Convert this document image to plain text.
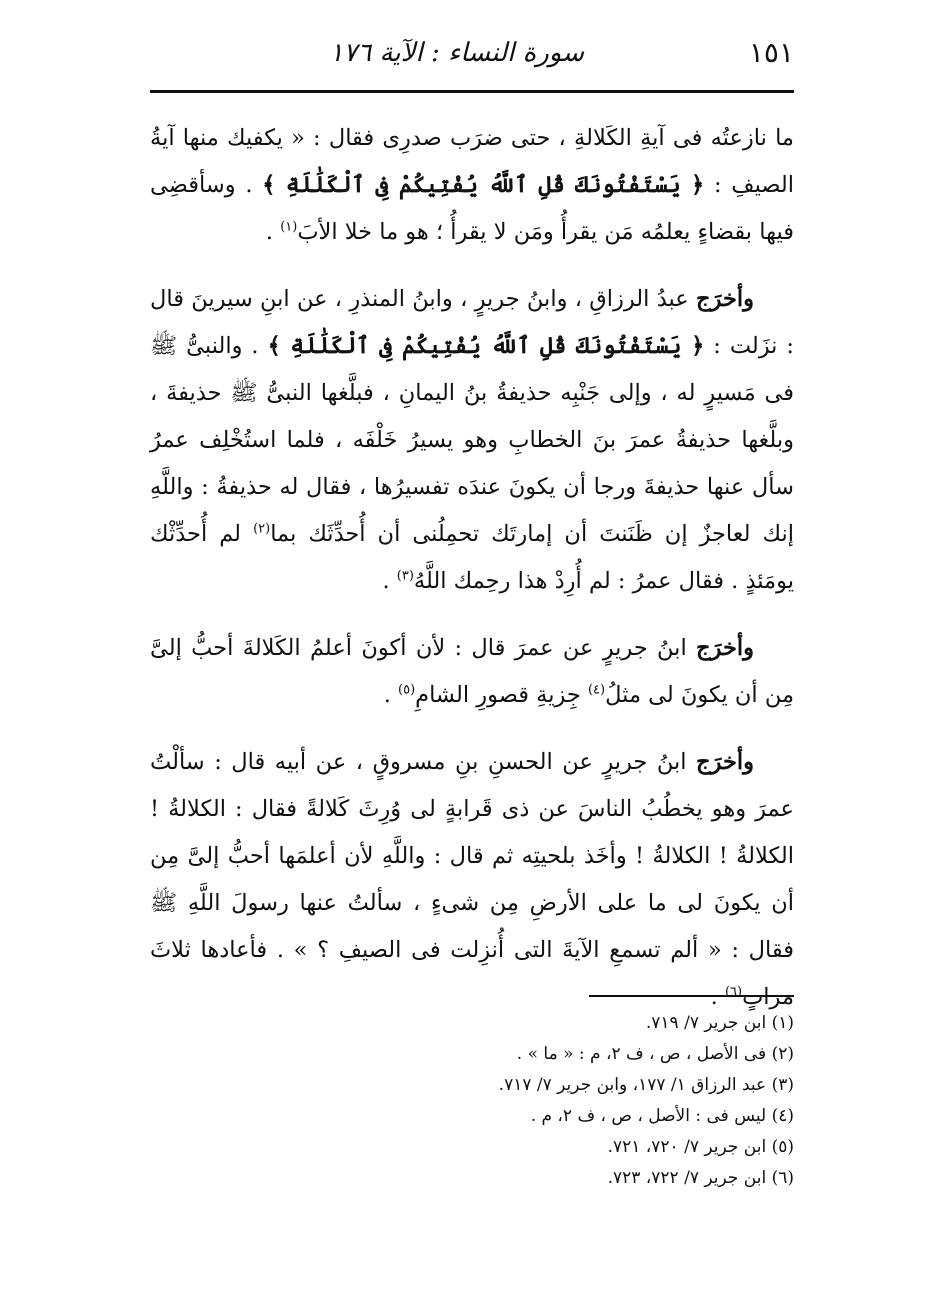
سورة النساء : الآية ١٧٦	١٥١

ما نازعتُه فى آيةِ الكَلالةِ ، حتى ضرَب صدرِى فقال : « يكفيك منها آيةُ الصيفِ : ﴿ يَسْتَفْتُونَكَ قُلِ ٱللَّهُ يُفْتِيكُمْ فِى ٱلْكَلَٰلَةِ ﴾ . وسأقضِى فيها بقضاءٍ يعلمُه مَن يقرأُ ومَن لا يقرأُ ؛ هو ما خلا الأبَ$^{(١)}$ .

وأخرَج عبدُ الرزاقِ ، وابنُ جريرٍ ، وابنُ المنذرِ ، عن ابنِ سيرينَ قال : نزَلت : ﴿ يَسْتَفْتُونَكَ قُلِ ٱللَّهُ يُفْتِيكُمْ فِى ٱلْكَلَٰلَةِ ﴾ . والنبىُّ ﷺ فى مَسيرٍ له ، وإلى جَنْبِه حذيفةُ بنُ اليمانِ ، فبلَّغها النبىُّ ﷺ حذيفةَ ، وبلَّغها حذيفةُ عمرَ بنَ الخطابِ وهو يسيرُ خَلْفَه ، فلما استُخْلِف عمرُ سأل عنها حذيفةَ ورجا أن يكونَ عندَه تفسيرُها ، فقال له حذيفةُ : واللَّهِ إنك لعاجزٌ إن ظَنَنتَ أن إمارتَك تحمِلُنى أن أُحدِّثَك بما$^{(٢)}$ لم أُحدِّثْك يومَئذٍ . فقال عمرُ : لم أُرِدْ هذا رحِمك اللَّهُ$^{(٣)}$ .

وأخرَج ابنُ جريرٍ عن عمرَ قال : لأن أكونَ أعلمُ الكَلالةَ أحبُّ إلىَّ مِن أن يكونَ لى مثلُ$^{(٤)}$ جِزيةِ قصورِ الشامِ$^{(٥)}$ .

وأخرَج ابنُ جريرٍ عن الحسنِ بنِ مسروقٍ ، عن أبيه قال : سألْتُ عمرَ وهو يخطُبُ الناسَ عن ذى قَرابةٍ لى وُرِثَ كَلالةً فقال : الكلالةُ ! الكلالةُ ! الكلالةُ ! وأخَذ بلحيتِه ثم قال : واللَّهِ لأن أعلمَها أحبُّ إلىَّ مِن أن يكونَ لى ما على الأرضِ مِن شىءٍ ، سألتُ عنها رسولَ اللَّهِ ﷺ فقال : « ألم تسمعِ الآيةَ التى أُنزِلت فى الصيفِ ؟ » . فأعادها ثلاثَ مراتٍ$^{(٦)}$ .

(١) ابن جرير ٧/ ٧١٩.
(٢) فى الأصل ، ص ، ف ٢، م : « ما » .
(٣) عبد الرزاق ١/ ١٧٧، وابن جرير ٧/ ٧١٧.
(٤) ليس فى : الأصل ، ص ، ف ٢، م .
(٥) ابن جرير ٧/ ٧٢٠، ٧٢١.
(٦) ابن جرير ٧/ ٧٢٢، ٧٢٣.
